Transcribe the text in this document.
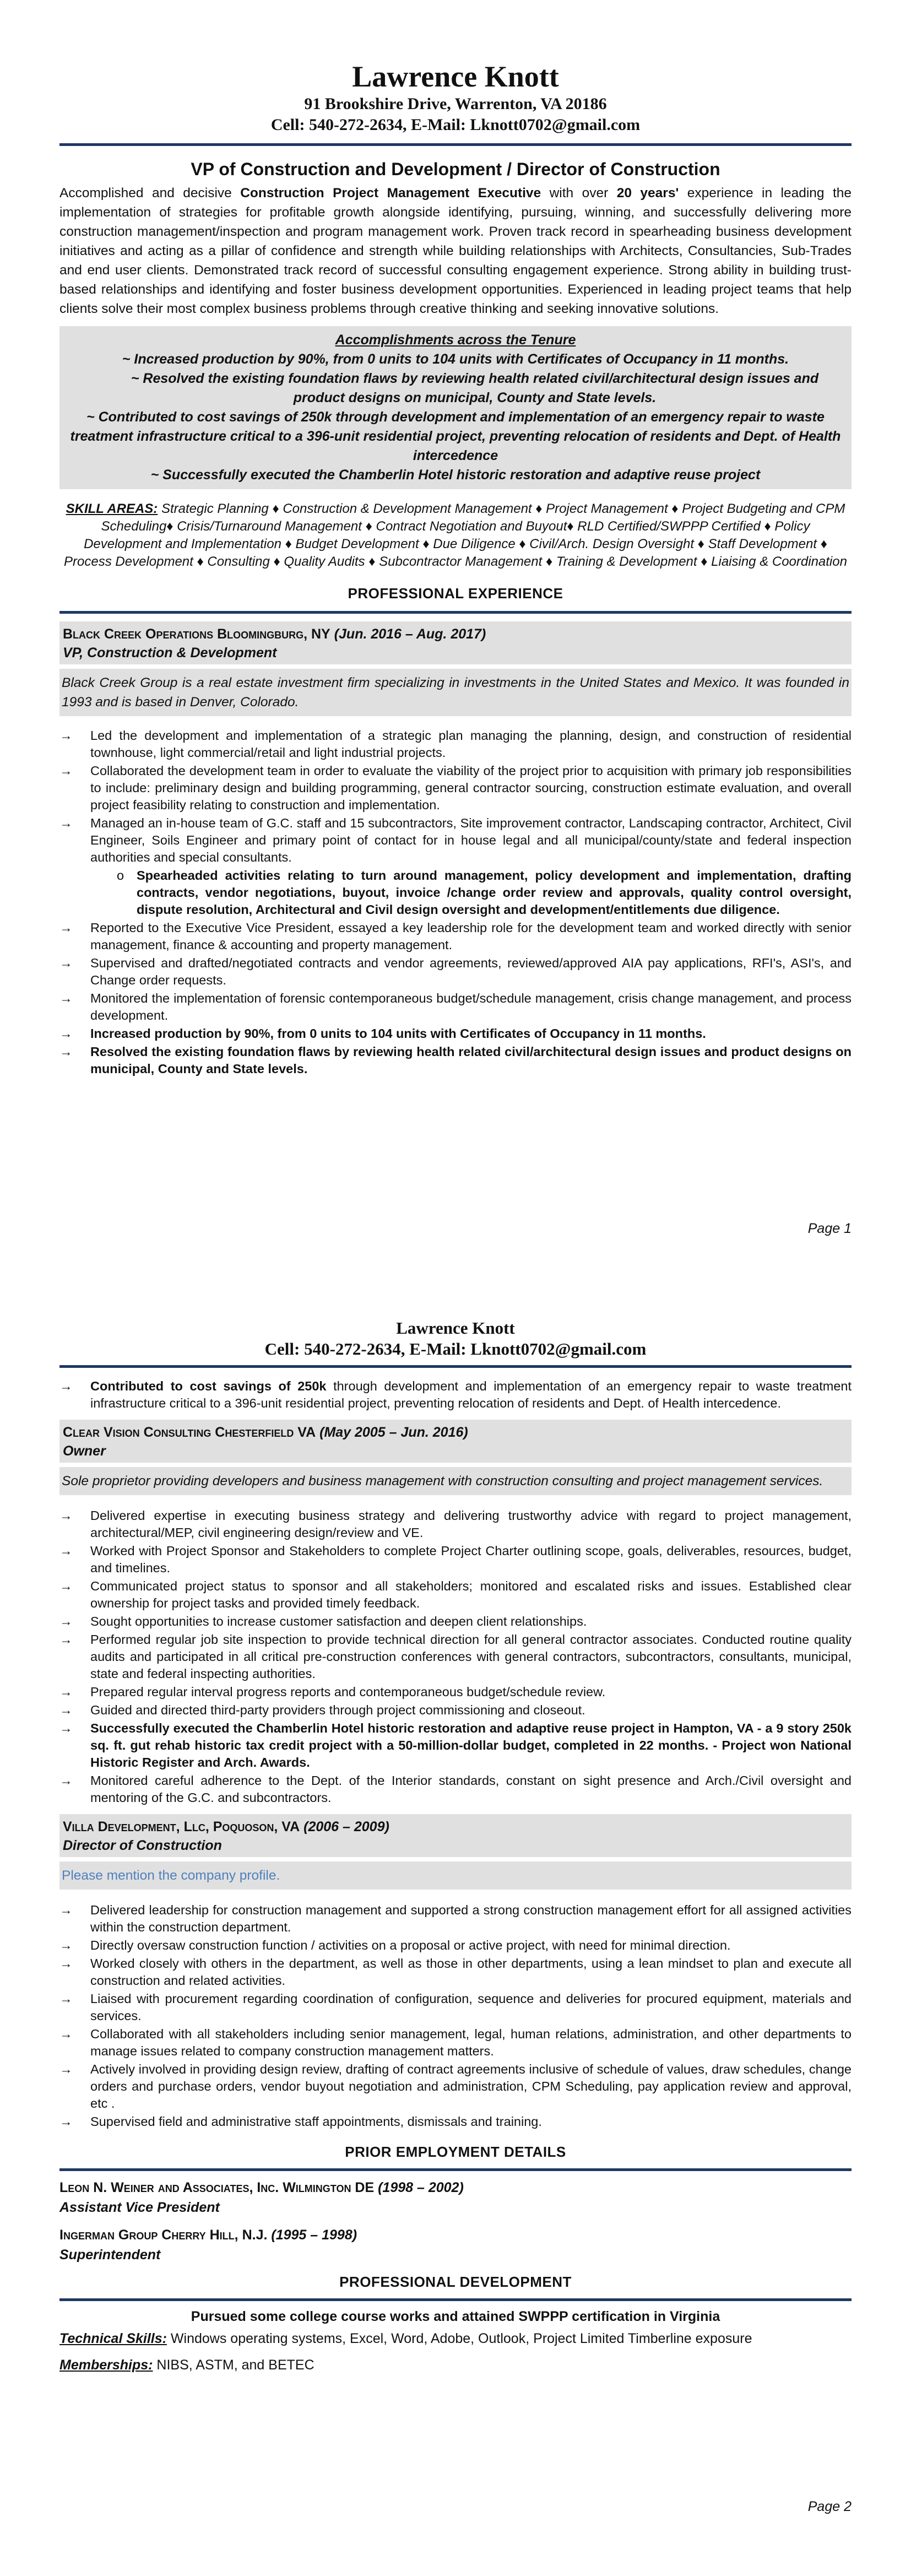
Lawrence Knott
91 Brookshire Drive, Warrenton, VA 20186
Cell: 540-272-2634, E-Mail: Lknott0702@gmail.com
VP of Construction and Development / Director of Construction

Accomplished and decisive Construction Project Management Executive with over 20 years' experience in leading the implementation of strategies for profitable growth alongside identifying, pursuing, winning, and successfully delivering more construction management/inspection and program management work. Proven track record in spearheading business development initiatives and acting as a pillar of confidence and strength while building relationships with Architects, Consultancies, Sub-Trades and end user clients. Demonstrated track record of successful consulting engagement experience. Strong ability in building trust-based relationships and identifying and foster business development opportunities. Experienced in leading project teams that help clients solve their most complex business problems through creative thinking and seeking innovative solutions.

Accomplishments across the Tenure
~ Increased production by 90%, from 0 units to 104 units with Certificates of Occupancy in 11 months.
~ Resolved the existing foundation flaws by reviewing health related civil/architectural design issues and product designs on municipal, County and State levels.
~ Contributed to cost savings of 250k through development and implementation of an emergency repair to waste treatment infrastructure critical to a 396-unit residential project, preventing relocation of residents and Dept. of Health intercedence
~ Successfully executed the Chamberlin Hotel historic restoration and adaptive reuse project

SKILL AREAS: Strategic Planning ♦ Construction & Development Management ♦ Project Management ♦ Project Budgeting and CPM Scheduling♦ Crisis/Turnaround Management ♦ Contract Negotiation and Buyout♦ RLD Certified/SWPPP Certified ♦ Policy Development and Implementation ♦ Budget Development ♦ Due Diligence ♦ Civil/Arch. Design Oversight ♦ Staff Development ♦ Process Development ♦ Consulting ♦ Quality Audits ♦ Subcontractor Management ♦ Training & Development ♦ Liaising & Coordination

PROFESSIONAL EXPERIENCE
Black Creek Operations Bloomingburg, NY (Jun. 2016 – Aug. 2017)
VP, Construction & Development
Black Creek Group is a real estate investment firm specializing in investments in the United States and Mexico. It was founded in 1993 and is based in Denver, Colorado.
→	Led the development and implementation of a strategic plan managing the planning, design, and construction of residential townhouse, light commercial/retail and light industrial projects.
→	Collaborated the development team in order to evaluate the viability of the project prior to acquisition with primary job responsibilities to include: preliminary design and building programming, general contractor sourcing, construction estimate evaluation, and overall project feasibility relating to construction and implementation.
→	Managed an in-house team of G.C. staff and 15 subcontractors, Site improvement contractor, Landscaping contractor, Architect, Civil Engineer, Soils Engineer and primary point of contact for in house legal and all municipal/county/state and federal inspection authorities and special consultants.
o Spearheaded activities relating to turn around management, policy development and implementation, drafting contracts, vendor negotiations, buyout, invoice /change order review and approvals, quality control oversight, dispute resolution, Architectural and Civil design oversight and development/entitlements due diligence.
→	Reported to the Executive Vice President, essayed a key leadership role for the development team and worked directly with senior management, finance & accounting and property management.
→	Supervised and drafted/negotiated contracts and vendor agreements, reviewed/approved AIA pay applications, RFI's, ASI's, and Change order requests.
→	Monitored the implementation of forensic contemporaneous budget/schedule management, crisis change management, and process development.
→	Increased production by 90%, from 0 units to 104 units with Certificates of Occupancy in 11 months.
→	Resolved the existing foundation flaws by reviewing health related civil/architectural design issues and product designs on municipal, County and State levels.
Page 1
Lawrence Knott
Cell: 540-272-2634, E-Mail: Lknott0702@gmail.com
→	Contributed to cost savings of 250k through development and implementation of an emergency repair to waste treatment infrastructure critical to a 396-unit residential project, preventing relocation of residents and Dept. of Health intercedence.
Clear Vision Consulting Chesterfield VA (May 2005 – Jun. 2016)
Owner
Sole proprietor providing developers and business management with construction consulting and project management services.
→	Delivered expertise in executing business strategy and delivering trustworthy advice with regard to project management, architectural/MEP, civil engineering design/review and VE.
→	Worked with Project Sponsor and Stakeholders to complete Project Charter outlining scope, goals, deliverables, resources, budget, and timelines.
→	Communicated project status to sponsor and all stakeholders; monitored and escalated risks and issues. Established clear ownership for project tasks and provided timely feedback.
→	Sought opportunities to increase customer satisfaction and deepen client relationships.
→	Performed regular job site inspection to provide technical direction for all general contractor associates. Conducted routine quality audits and participated in all critical pre-construction conferences with general contractors, subcontractors, consultants, municipal, state and federal inspecting authorities.
→	Prepared regular interval progress reports and contemporaneous budget/schedule review.
→	Guided and directed third-party providers through project commissioning and closeout.
→	Successfully executed the Chamberlin Hotel historic restoration and adaptive reuse project in Hampton, VA - a 9 story 250k sq. ft. gut rehab historic tax credit project with a 50-million-dollar budget, completed in 22 months. - Project won National Historic Register and Arch. Awards.
→	Monitored careful adherence to the Dept. of the Interior standards, constant on sight presence and Arch./Civil oversight and mentoring of the G.C. and subcontractors.
Villa Development, Llc, Poquoson, VA (2006 – 2009)
Director of Construction
Please mention the company profile.
→	Delivered leadership for construction management and supported a strong construction management effort for all assigned activities within the construction department.
→	Directly oversaw construction function / activities on a proposal or active project, with need for minimal direction.
→	Worked closely with others in the department, as well as those in other departments, using a lean mindset to plan and execute all construction and related activities.
→	Liaised with procurement regarding coordination of configuration, sequence and deliveries for procured equipment, materials and services.
→	Collaborated with all stakeholders including senior management, legal, human relations, administration, and other departments to manage issues related to company construction management matters.
→	Actively involved in providing design review, drafting of contract agreements inclusive of schedule of values, draw schedules, change orders and purchase orders, vendor buyout negotiation and administration, CPM Scheduling, pay application review and approval, etc .
→	Supervised field and administrative staff appointments, dismissals and training.
PRIOR EMPLOYMENT DETAILS
Leon N. Weiner and Associates, Inc. Wilmington DE (1998 – 2002)
Assistant Vice President
Ingerman Group Cherry Hill, N.J. (1995 – 1998)
Superintendent
PROFESSIONAL DEVELOPMENT
Pursued some college course works and attained SWPPP certification in Virginia

Technical Skills: Windows operating systems, Excel, Word, Adobe, Outlook, Project Limited Timberline exposure

Memberships: NIBS, ASTM, and BETEC

Page 2
